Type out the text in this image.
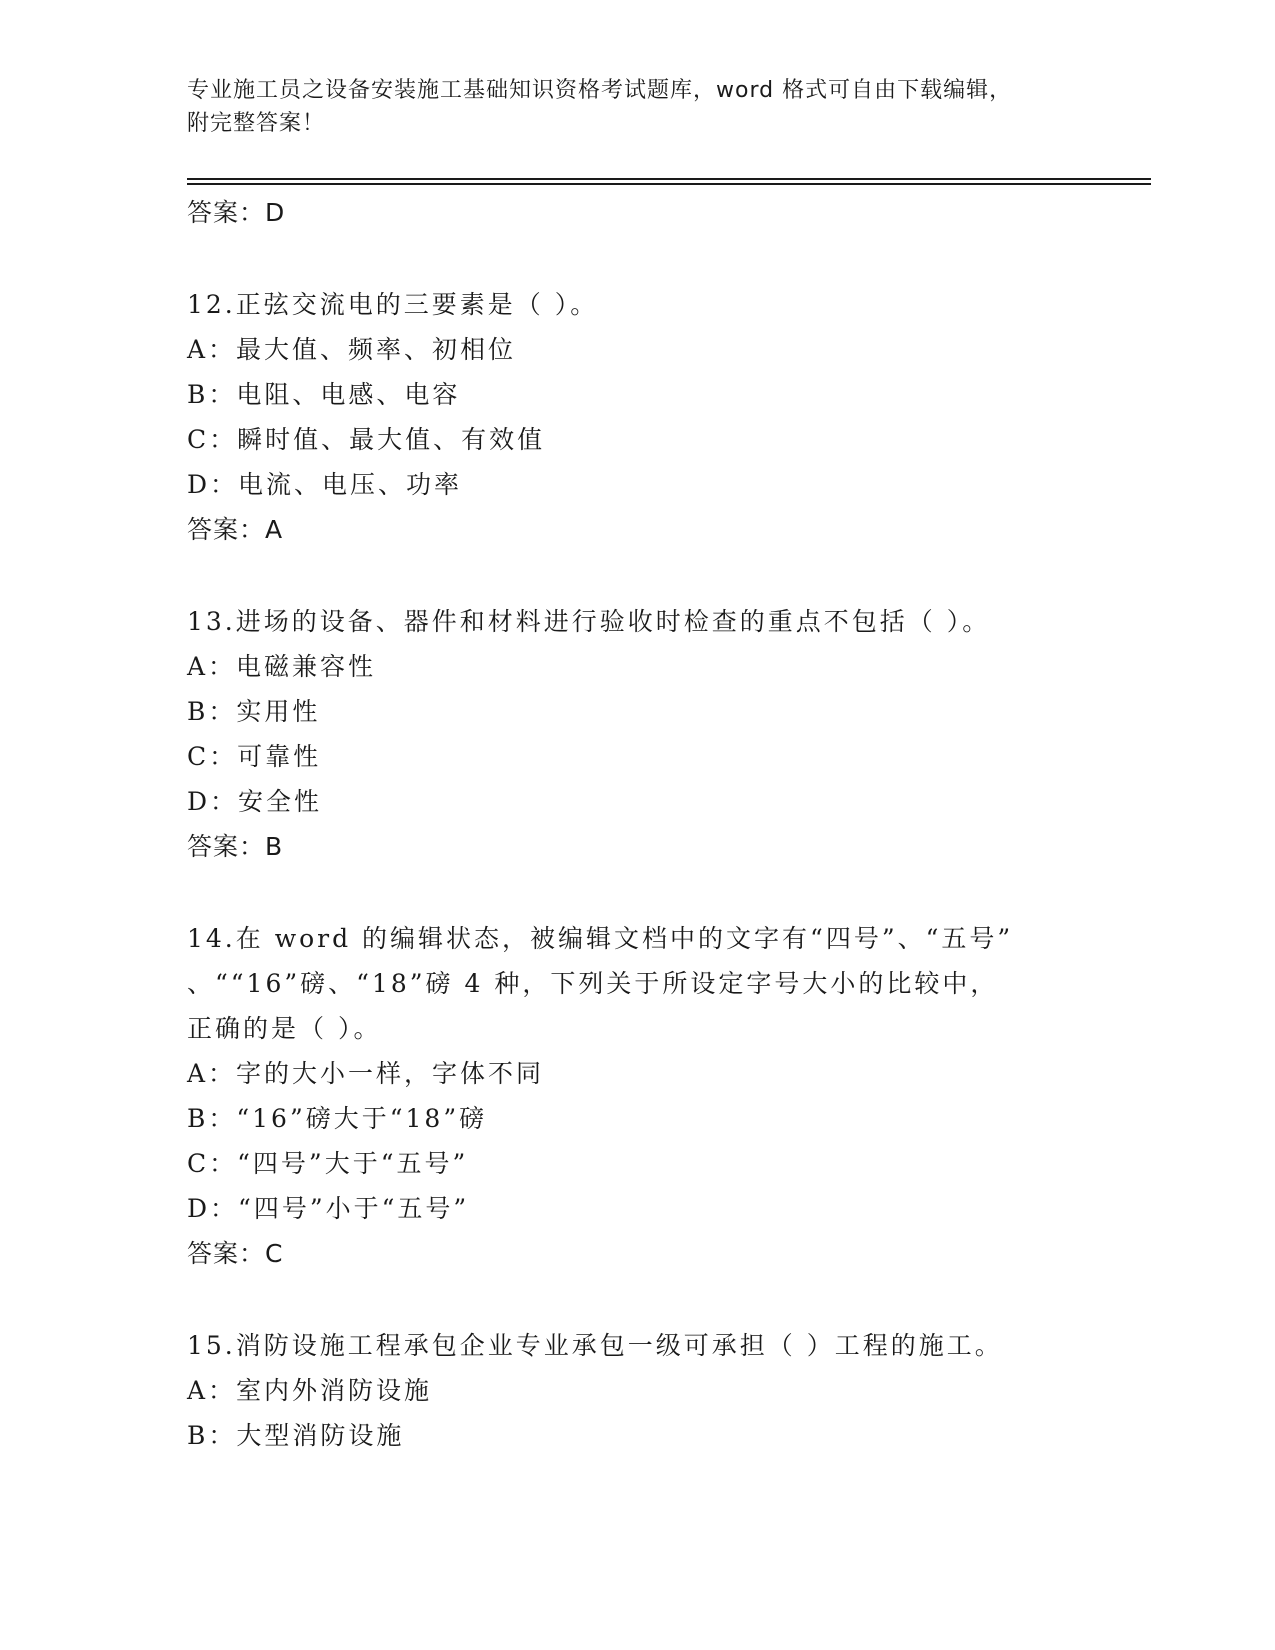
专业施工员之设备安装施工基础知识资格考试题库，word 格式可自由下载编辑，
附完整答案！
答案：D
12.正弦交流电的三要素是（ ）。
A：最大值、频率、初相位
B：电阻、电感、电容
C：瞬时值、最大值、有效值
D：电流、电压、功率
答案：A
13.进场的设备、器件和材料进行验收时检查的重点不包括（ ）。
A：电磁兼容性
B：实用性
C：可靠性
D：安全性
答案：B
14.在 word 的编辑状态，被编辑文档中的文字有“四号”、“五号”
、““16”磅、“18”磅 4 种，下列关于所设定字号大小的比较中，
正确的是（ ）。
A：字的大小一样，字体不同
B：“16”磅大于“18”磅
C：“四号”大于“五号”
D：“四号”小于“五号”
答案：C
15.消防设施工程承包企业专业承包一级可承担（ ）工程的施工。
A：室内外消防设施
B：大型消防设施
